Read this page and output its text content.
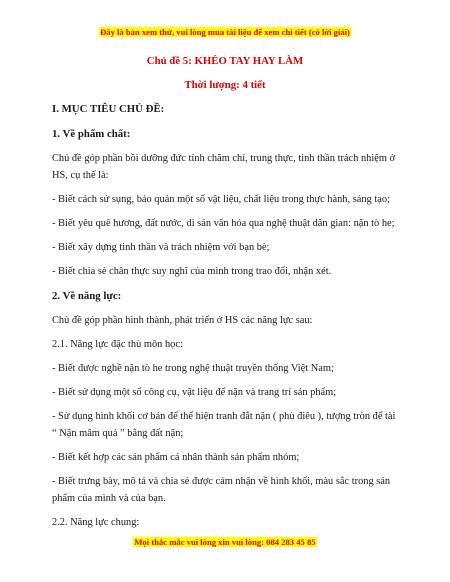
Đây là bản xem thử, vui lòng mua tài liệu để xem chi tiết (có lời giải)
Chủ đề 5: KHÉO TAY HAY LÀM
Thời lượng: 4 tiết
I. MỤC TIÊU CHỦ ĐỀ:
1. Về phẩm chất:
Chủ đề góp phần bồi dưỡng đức tính chăm chỉ, trung thực, tinh thần trách nhiệm ở
HS, cụ thể là:
- Biết cách sử sụng, bảo quản một số vật liệu, chất liệu trong thực hành, sáng tạo;
- Biết yêu quê hương, đất nước, di sản văn hóa qua nghệ thuật dân gian: nặn tò he;
- Biết xây dựng tinh thần và trách nhiệm với bạn bè;
- Biết chia sẻ chân thực suy nghĩ của mình trong trao đổi, nhận xét.
2. Về năng lực:
Chủ đề góp phần hình thành, phát triển ở HS các năng lực sau:
2.1. Năng lực đặc thù môn học:
- Biết được nghề nặn tò he trong nghệ thuật truyền thống Việt Nam;
- Biết sử dụng một số công cụ, vật liệu để nặn và trang trí sản phẩm;
- Sử dụng hình khối cơ bản để thể hiện tranh đắt nặn ( phù điêu ), tượng tròn để tài
“ Nặn mâm quả ” bằng đất nặn;
- Biết kết hợp các sản phẩm cá nhân thành sản phẩm nhóm;
- Biết trưng bày, mô tả và chia sẻ được cảm nhận về hình khối, màu sắc trong sản
phẩm của mình và của bạn.
2.2. Năng lực chung:
Mọi thắc mắc vui lòng xin vui lòng: 084 283 45 85
